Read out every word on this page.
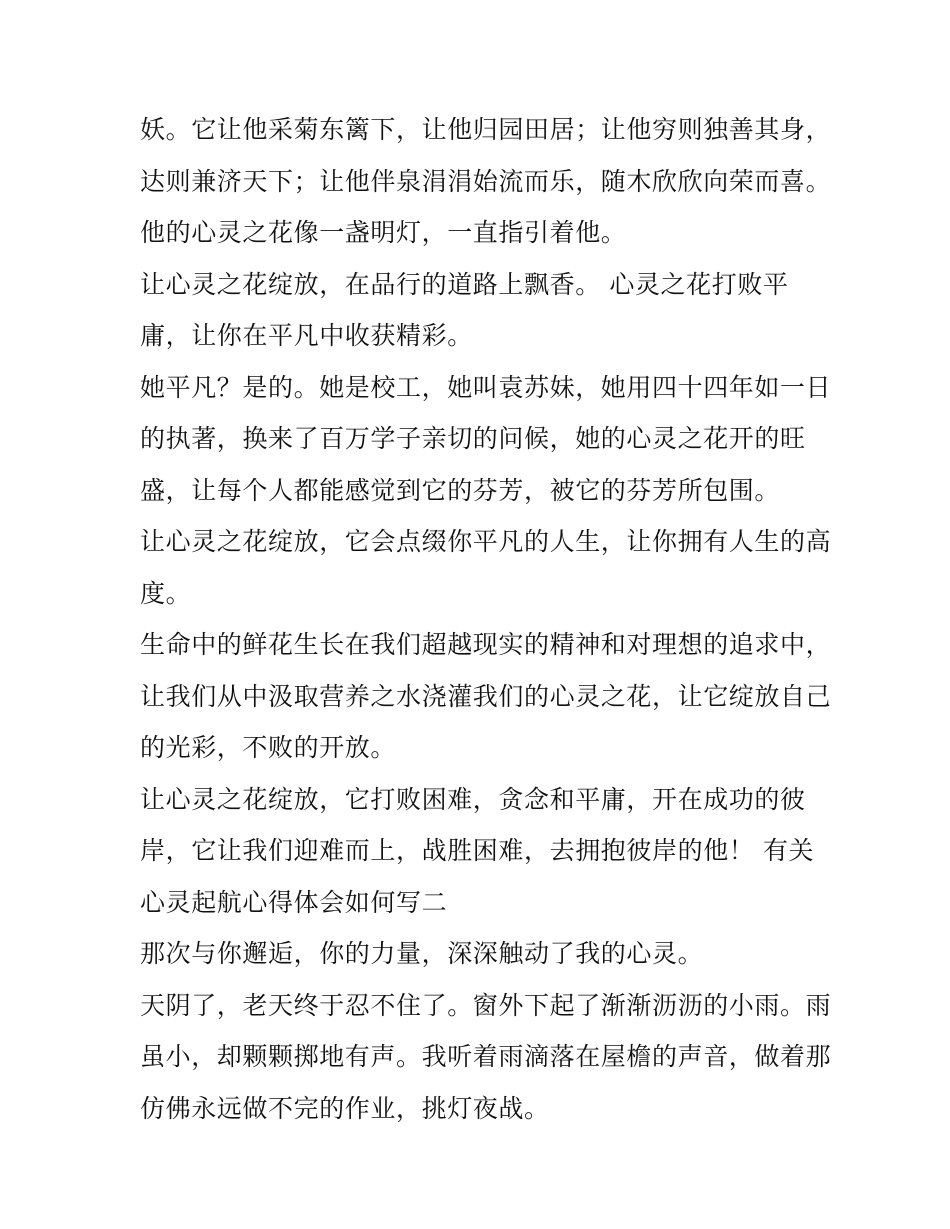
妖。它让他采菊东篱下，让他归园田居；让他穷则独善其身，
达则兼济天下；让他伴泉涓涓始流而乐，随木欣欣向荣而喜。
他的心灵之花像一盏明灯，一直指引着他。
让心灵之花绽放，在品行的道路上飘香。 心灵之花打败平
庸，让你在平凡中收获精彩。
她平凡？是的。她是校工，她叫袁苏妹，她用四十四年如一日
的执著，换来了百万学子亲切的问候，她的心灵之花开的旺
盛，让每个人都能感觉到它的芬芳，被它的芬芳所包围。
让心灵之花绽放，它会点缀你平凡的人生，让你拥有人生的高
度。
生命中的鲜花生长在我们超越现实的精神和对理想的追求中，
让我们从中汲取营养之水浇灌我们的心灵之花，让它绽放自己
的光彩，不败的开放。
让心灵之花绽放，它打败困难，贪念和平庸，开在成功的彼
岸，它让我们迎难而上，战胜困难，去拥抱彼岸的他！ 有关
心灵起航心得体会如何写二
那次与你邂逅，你的力量，深深触动了我的心灵。
天阴了，老天终于忍不住了。窗外下起了渐渐沥沥的小雨。雨
虽小，却颗颗掷地有声。我听着雨滴落在屋檐的声音，做着那
仿佛永远做不完的作业，挑灯夜战。
